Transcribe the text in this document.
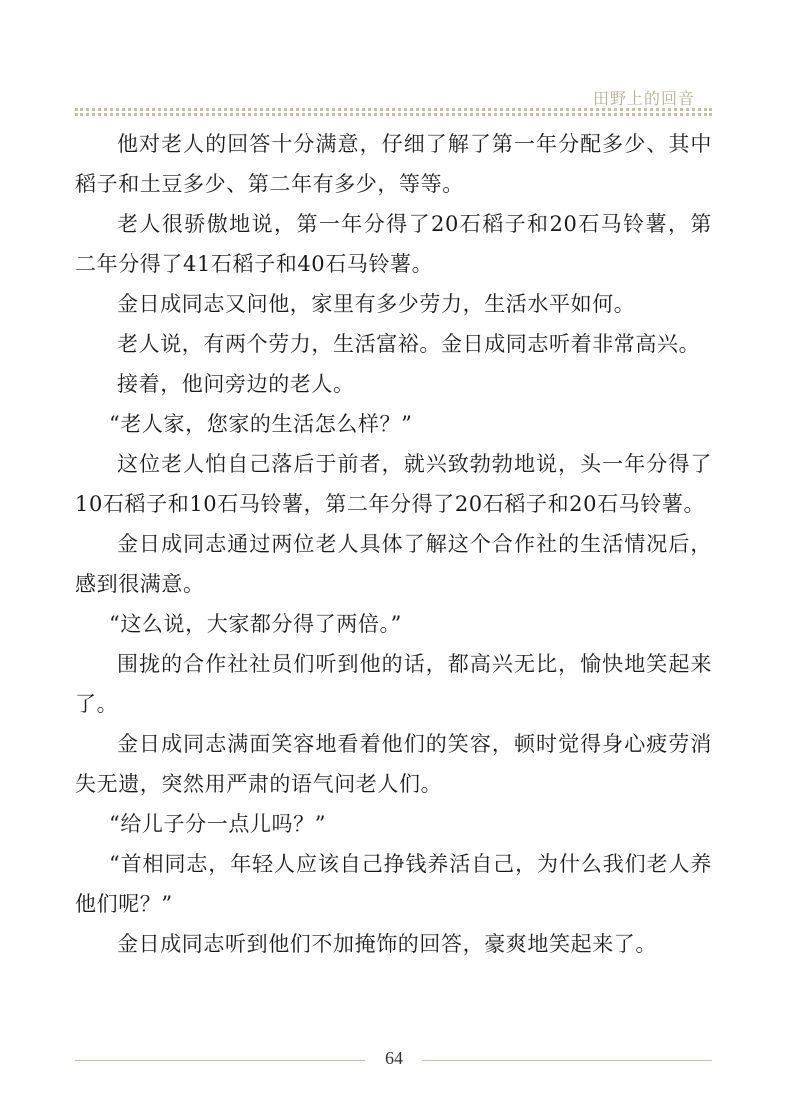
田野上的回音

他对老人的回答十分满意，仔细了解了第一年分配多少、其中稻子和土豆多少、第二年有多少，等等。

老人很骄傲地说，第一年分得了20石稻子和20石马铃薯，第二年分得了41石稻子和40石马铃薯。

金日成同志又问他，家里有多少劳力，生活水平如何。

老人说，有两个劳力，生活富裕。金日成同志听着非常高兴。

接着，他问旁边的老人。

“老人家，您家的生活怎么样？”

这位老人怕自己落后于前者，就兴致勃勃地说，头一年分得了10石稻子和10石马铃薯，第二年分得了20石稻子和20石马铃薯。

金日成同志通过两位老人具体了解这个合作社的生活情况后，感到很满意。

“这么说，大家都分得了两倍。”

围拢的合作社社员们听到他的话，都高兴无比，愉快地笑起来了。

金日成同志满面笑容地看着他们的笑容，顿时觉得身心疲劳消失无遗，突然用严肃的语气问老人们。

“给儿子分一点儿吗？”

“首相同志，年轻人应该自己挣钱养活自己，为什么我们老人养他们呢？”

金日成同志听到他们不加掩饰的回答，豪爽地笑起来了。

64
